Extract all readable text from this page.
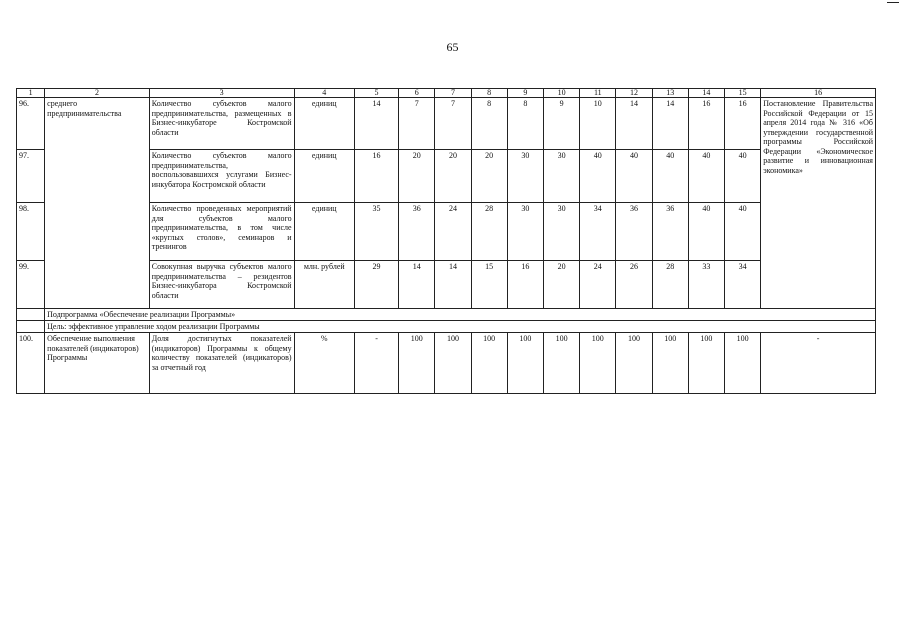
65
1	2	3	4	5	6	7	8	9	10	11	12	13	14	15	16
96.	среднего предпринимательства	Количество субъектов малого предпринимательства, размещенных в Бизнес-инкубаторе Костромской области	единиц	14	7	7	8	8	9	10	14	14	16	16	Постановление Правительства Российской Федерации от 15 апреля 2014 года № 316 «Об утверждении государственной программы Российской Федерации «Экономическое развитие и инновационная экономика»
97.		Количество субъектов малого предпринимательства, воспользовавшихся услугами Бизнес-инкубатора Костромской области	единиц	16	20	20	20	30	30	40	40	40	40	40	
98.		Количество проведенных мероприятий для субъектов малого предпринимательства, в том числе «круглых столов», семинаров и тренингов	единиц	35	36	24	28	30	30	34	36	36	40	40	
99.		Совокупная выручка субъектов малого предпринимательства – резидентов Бизнес-инкубатора Костромской области	млн. рублей	29	14	14	15	16	20	24	26	28	33	34	
	Подпрограмма «Обеспечение реализации Программы»														
	Цель: эффективное управление ходом реализации Программы														
100.	Обеспечение выполнения показателей (индикаторов) Программы	Доля достигнутых показателей (индикаторов) Программы к общему количеству показателей (индикаторов) за отчетный год	%	-	100	100	100	100	100	100	100	100	100	100	-
